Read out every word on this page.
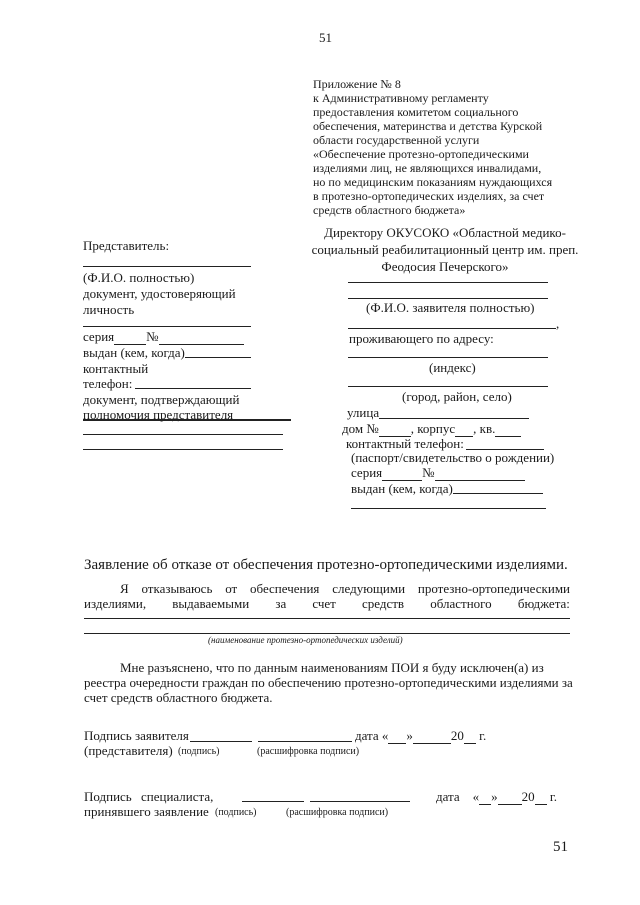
51
Приложение № 8
к Административному регламенту
предоставления комитетом социального
обеспечения, материнства и детства Курской
области государственной услуги
«Обеспечение протезно-ортопедическими
изделиями лиц, не являющихся инвалидами,
но по медицинским показаниям нуждающихся
в протезно-ортопедических изделиях, за счет
средств областного бюджета»
Директору ОКУСОКО «Областной медико-
социальный реабилитационный центр им. преп.
Феодосия Печерского»
(Ф.И.О. заявителя полностью)
,
проживающего по адресу:
(индекс)
(город, район, село)
улица
дом № , корпус , кв.
контактный телефон:
(паспорт/свидетельство о рождении)
серия	№
выдан (кем, когда)
Представитель:
(Ф.И.О. полностью)
документ, удостоверяющий
личность
серия №
выдан (кем, когда)
контактный
телефон:
документ, подтверждающий
полномочия представителя
Заявление об отказе от обеспечения протезно-ортопедическими изделиями.
Я отказываюсь от обеспечения следующими протезно-ортопедическими
изделиями, выдаваемыми за счет средств областного бюджета:
(наименование протезно-ортопедических изделий)
Мне разъяснено, что по данным наименованиям ПОИ я буду исключен(а) из
реестра очередности граждан по обеспечению протезно-ортопедическими изделиями за
счет средств областного бюджета.
Подпись заявителя	дата « »	20 г.
(представителя) (подпись)	(расшифровка подписи)
Подпись специалиста,	дата « » 20 г.
принявшего заявление (подпись)	(расшифровка подписи)
51
